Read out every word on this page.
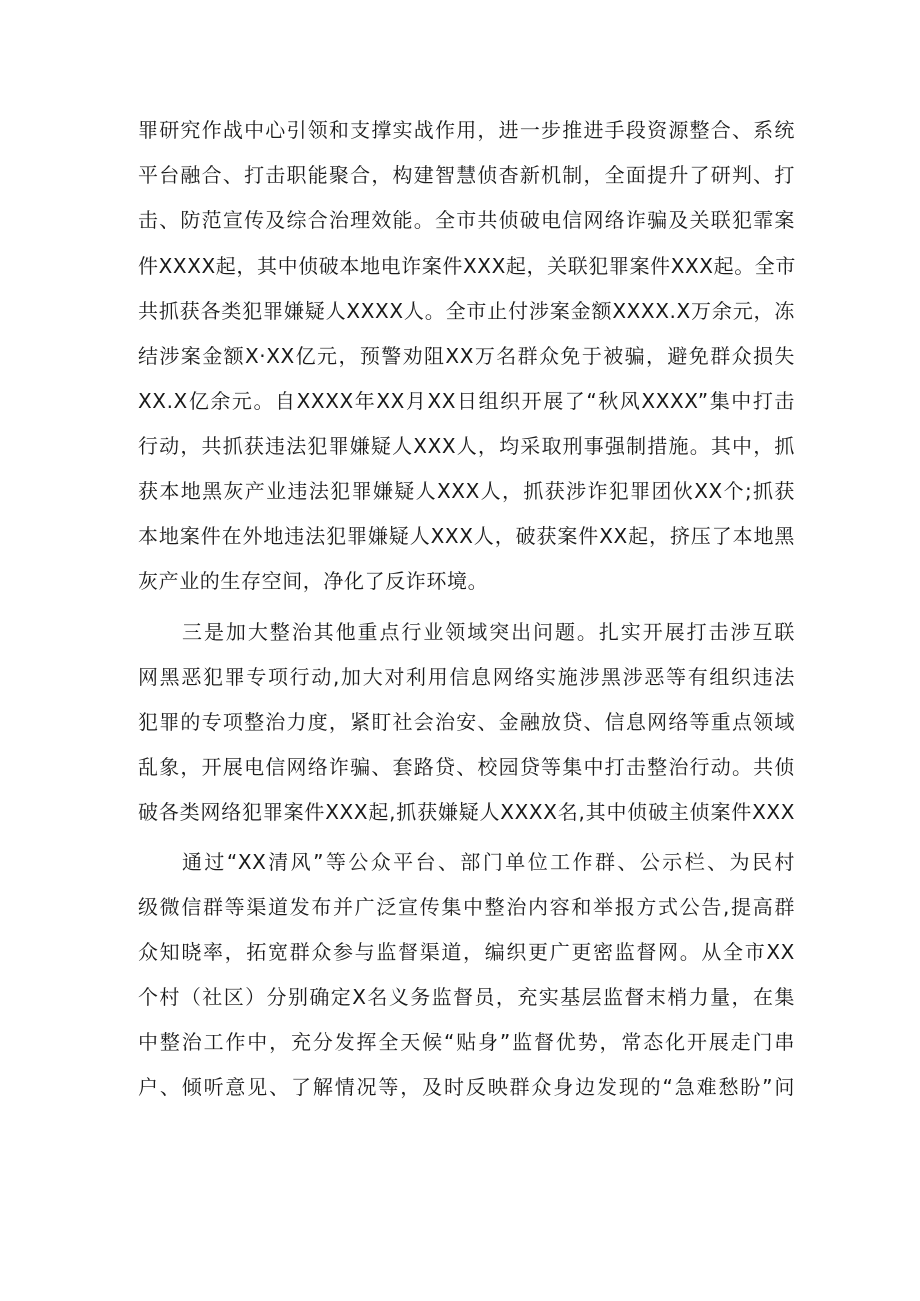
罪研究作战中心引领和支撑实战作用，进一步推进手段资源整合、系统
平台融合、打击职能聚合，构建智慧侦杳新机制，全面提升了研判、打
击、防范宣传及综合治理效能。全市共侦破电信网络诈骗及关联犯霏案
件XXXX起，其中侦破本地电诈案件XXX起，关联犯罪案件XXX起。全市
共抓获各类犯罪嫌疑人XXXX人。全市止付涉案金额XXXX.X万余元，冻
结涉案金额X·XX亿元，预警劝阻XX万名群众免于被骗，避免群众损失
XX.X亿余元。自XXXX年XX月XX日组织开展了“秋风XXXX”集中打击
行动，共抓获违法犯罪嫌疑人XXX人，均采取刑事强制措施。其中，抓
获本地黑灰产业违法犯罪嫌疑人XXX人，抓获涉诈犯罪团伙XX个;抓获
本地案件在外地违法犯罪嫌疑人XXX人，破获案件XX起，挤压了本地黑
灰产业的生存空间，净化了反诈环境。
三是加大整治其他重点行业领域突出问题。扎实开展打击涉互联
网黑恶犯罪专项行动,加大对利用信息网络实施涉黑涉恶等有组织违法
犯罪的专项整治力度，紧盯社会治安、金融放贷、信息网络等重点领域
乱象，开展电信网络诈骗、套路贷、校园贷等集中打击整治行动。共侦
破各类网络犯罪案件XXX起,抓获嫌疑人XXXX名,其中侦破主侦案件XXX
通过“XX清风”等公众平台、部门单位工作群、公示栏、为民村
级微信群等渠道发布并广泛宣传集中整治内容和举报方式公告,提高群
众知晓率，拓宽群众参与监督渠道，编织更广更密监督网。从全市XX
个村（社区）分别确定X名义务监督员，充实基层监督末梢力量，在集
中整治工作中，充分发挥全天候“贴身”监督优势，常态化开展走门串
户、倾听意见、了解情况等，及时反映群众身边发现的“急难愁盼”问
